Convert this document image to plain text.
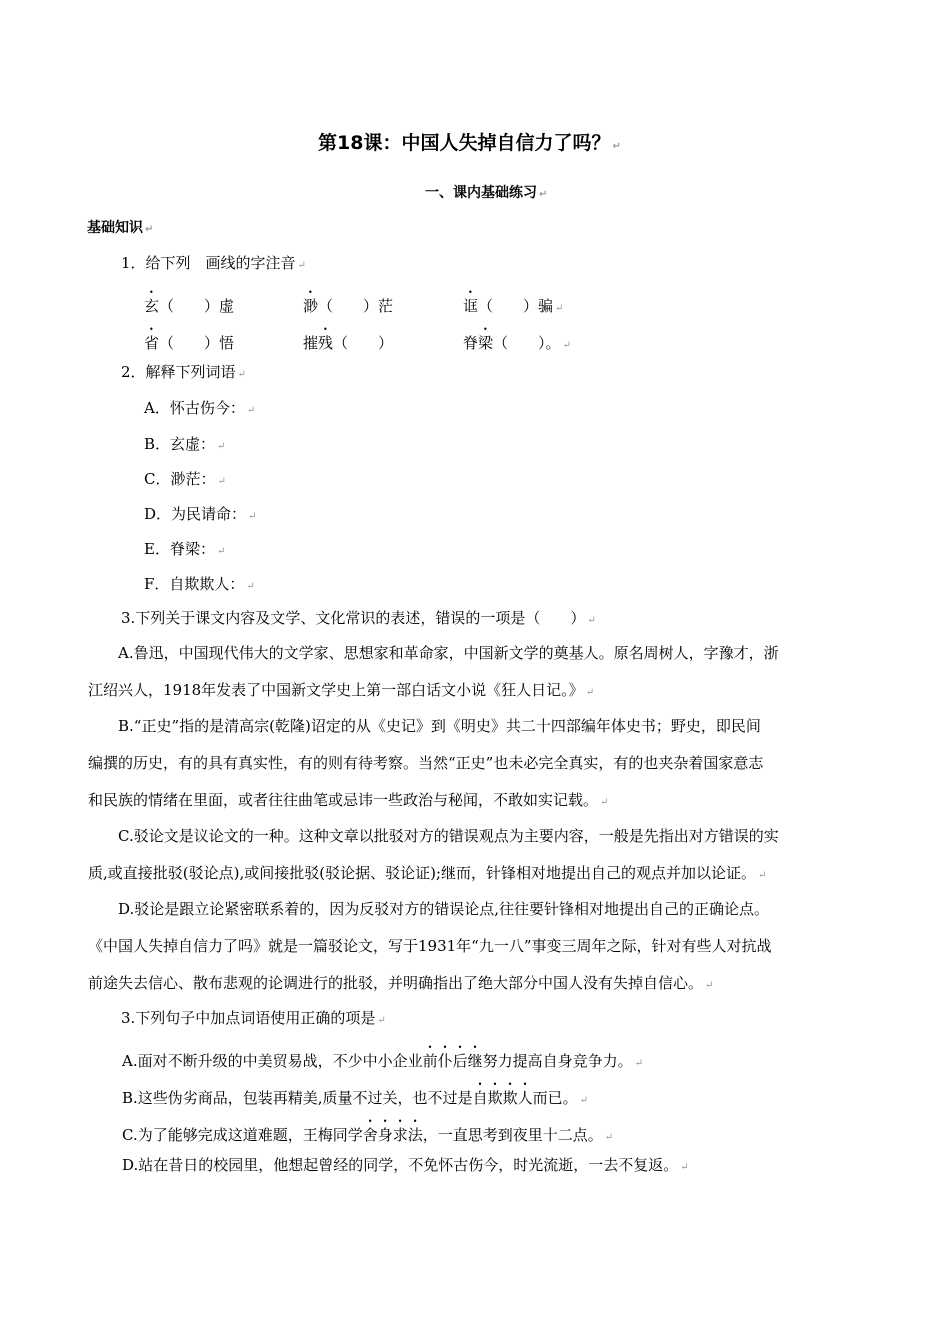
第18课：中国人失掉自信力了吗？ ↵
一、课内基础练习 ↵
基础知识 ↵
1．给下列　画线的字注音 ↵
玄（　　）虚	渺（　　）茫	诓（　　）骗 ↵
省（　　）悟	摧残（　　）	脊梁（　　）。 ↵
2．解释下列词语 ↵
A．怀古伤今： ↵
B．玄虚： ↵
C．渺茫： ↵
D．为民请命： ↵
E．脊梁： ↵
F．自欺欺人： ↵
3.下列关于课文内容及文学、文化常识的表述，错误的一项是（　　） ↵
A.鲁迅，中国现代伟大的文学家、思想家和革命家，中国新文学的奠基人。原名周树人，字豫才，浙
江绍兴人，1918年发表了中国新文学史上第一部白话文小说《狂人日记。》 ↵
B.“正史”指的是清高宗(乾隆)诏定的从《史记》到《明史》共二十四部编年体史书；野史，即民间
编撰的历史，有的具有真实性，有的则有待考察。当然“正史”也未必完全真实，有的也夹杂着国家意志
和民族的情绪在里面，或者往往曲笔或忌讳一些政治与秘闻，不敢如实记载。 ↵
C.驳论文是议论文的一种。这种文章以批驳对方的错误观点为主要内容，一般是先指出对方错误的实
质,或直接批驳(驳论点),或间接批驳(驳论据、驳论证);继而，针锋相对地提出自己的观点并加以论证。 ↵
D.驳论是跟立论紧密联系着的，因为反驳对方的错误论点,往往要针锋相对地提出自己的正确论点。
《中国人失掉自信力了吗》就是一篇驳论文，写于1931年“九一八”事变三周年之际，针对有些人对抗战
前途失去信心、散布悲观的论调进行的批驳，并明确指出了绝大部分中国人没有失掉自信心。 ↵
3.下列句子中加点词语使用正确的项是 ↵
A.面对不断升级的中美贸易战，不少中小企业前仆后继努力提高自身竞争力。 ↵
B.这些伪劣商品，包装再精美,质量不过关，也不过是自欺欺人而已。 ↵
C.为了能够完成这道难题，王梅同学舍身求法，一直思考到夜里十二点。 ↵
D.站在昔日的校园里，他想起曾经的同学，不免怀古伤今，时光流逝，一去不复返。 ↵
